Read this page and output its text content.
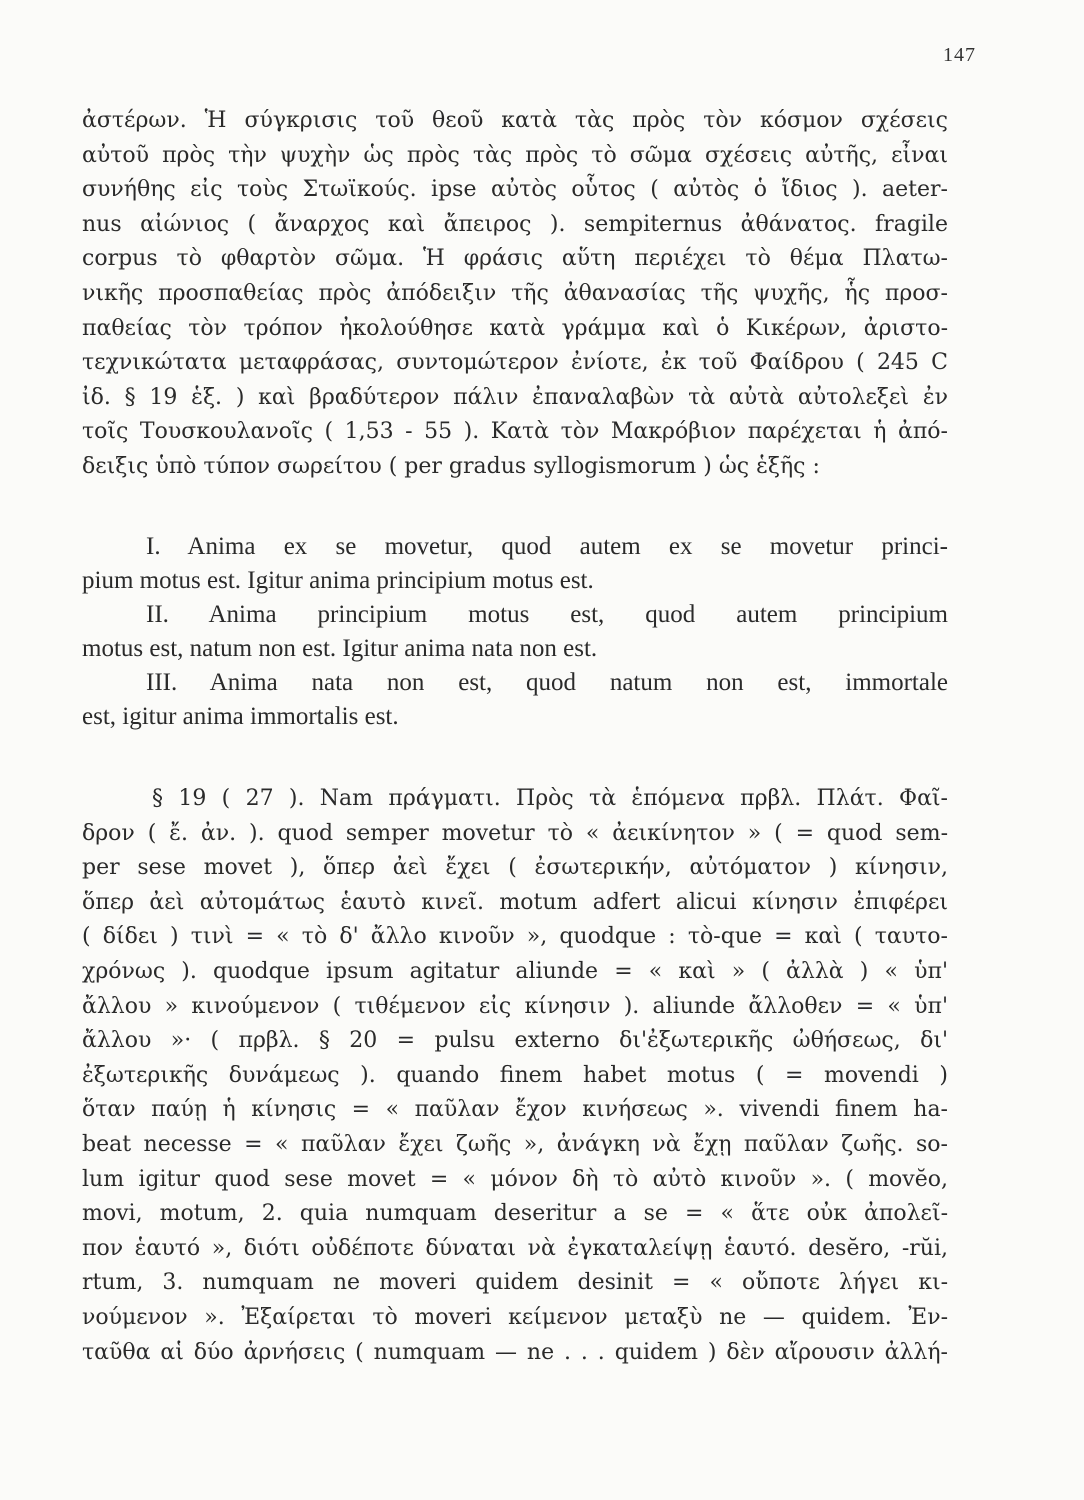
147
ἀστέρων. Ἡ σύγκρισις τοῦ θεοῦ κατὰ τὰς πρὸς τὸν κόσμον σχέσεις
αὐτοῦ πρὸς τὴν ψυχὴν ὡς πρὸς τὰς πρὸς τὸ σῶμα σχέσεις αὐτῆς, εἶναι
συνήθης εἰς τοὺς Στωϊκούς. ipse αὐτὸς οὗτος ( αὐτὸς ὁ ἴδιος ). aeter-
nus αἰώνιος ( ἄναρχος καὶ ἄπειρος ). sempiternus ἀθάνατος. fragile
corpus τὸ φθαρτὸν σῶμα. Ἡ φράσις αὕτη περιέχει τὸ θέμα Πλατω-
νικῆς προσπαθείας πρὸς ἀπόδειξιν τῆς ἀθανασίας τῆς ψυχῆς, ἧς προσ-
παθείας τὸν τρόπον ἠκολούθησε κατὰ γράμμα καὶ ὁ Κικέρων, ἀριστο-
τεχνικώτατα μεταφράσας, συντομώτερον ἐνίοτε, ἐκ τοῦ Φαίδρου ( 245 C
ἰδ. § 19 ἑξ. ) καὶ βραδύτερον πάλιν ἐπαναλαβὼν τὰ αὐτὰ αὐτολεξεὶ ἐν
τοῖς Τουσκουλανοῖς ( 1,53 - 55 ). Κατὰ τὸν Μακρόβιον παρέχεται ἡ ἀπό-
δειξις ὑπὸ τύπον σωρείτου ( per gradus syllogismorum ) ὡς ἑξῆς :
I. Anima ex se movetur, quod autem ex se movetur princi-
pium motus est. Igitur anima principium motus est.
II. Anima principium motus est, quod autem principium
motus est, natum non est. Igitur anima nata non est.
III. Anima nata non est, quod natum non est, immortale
est, igitur anima immortalis est.
§ 19 ( 27 ). Nam πράγματι. Πρὸς τὰ ἑπόμενα πρβλ. Πλάτ. Φαῖ-
δρον ( ἔ. ἀν. ). quod semper movetur τὸ « ἀεικίνητον » ( = quod sem-
per sese movet ), ὅπερ ἀεὶ ἔχει ( ἐσωτερικήν, αὐτόματον ) κίνησιν,
ὅπερ ἀεὶ αὐτομάτως ἑαυτὸ κινεῖ. motum adfert alicui κίνησιν ἐπιφέρει
( δίδει ) τινὶ = « τὸ δ' ἄλλο κινοῦν », quodque : τὸ-que = καὶ ( ταυτο-
χρόνως ). quodque ipsum agitatur aliunde = « καὶ » ( ἀλλὰ ) « ὑπ'
ἄλλου » κινούμενον ( τιθέμενον εἰς κίνησιν ). aliunde ἄλλοθεν = « ὑπ'
ἄλλου »· ( πρβλ. § 20 = pulsu externo δι'ἐξωτερικῆς ὠθήσεως, δι'
ἐξωτερικῆς δυνάμεως ). quando finem habet motus ( = movendi )
ὅταν παύῃ ἡ κίνησις = « παῦλαν ἔχον κινήσεως ». vivendi finem ha-
beat necesse = « παῦλαν ἔχει ζωῆς », ἀνάγκη νὰ ἔχῃ παῦλαν ζωῆς. so-
lum igitur quod sese movet = « μόνον δὴ τὸ αὐτὸ κινοῦν ». ( movĕo,
movi, motum, 2. quia numquam deseritur a se = « ἅτε οὐκ ἀπολεῖ-
πον ἑαυτό », διότι οὐδέποτε δύναται νὰ ἐγκαταλείψῃ ἑαυτό. desĕro, -rŭi,
rtum, 3. numquam ne moveri quidem desinit = « οὔποτε λήγει κι-
νούμενον ». Ἐξαίρεται τὸ moveri κείμενον μεταξὺ ne — quidem. Ἐν-
ταῦθα αἱ δύο ἀρνήσεις ( numquam — ne . . . quidem ) δὲν αἴρουσιν ἀλλή-
